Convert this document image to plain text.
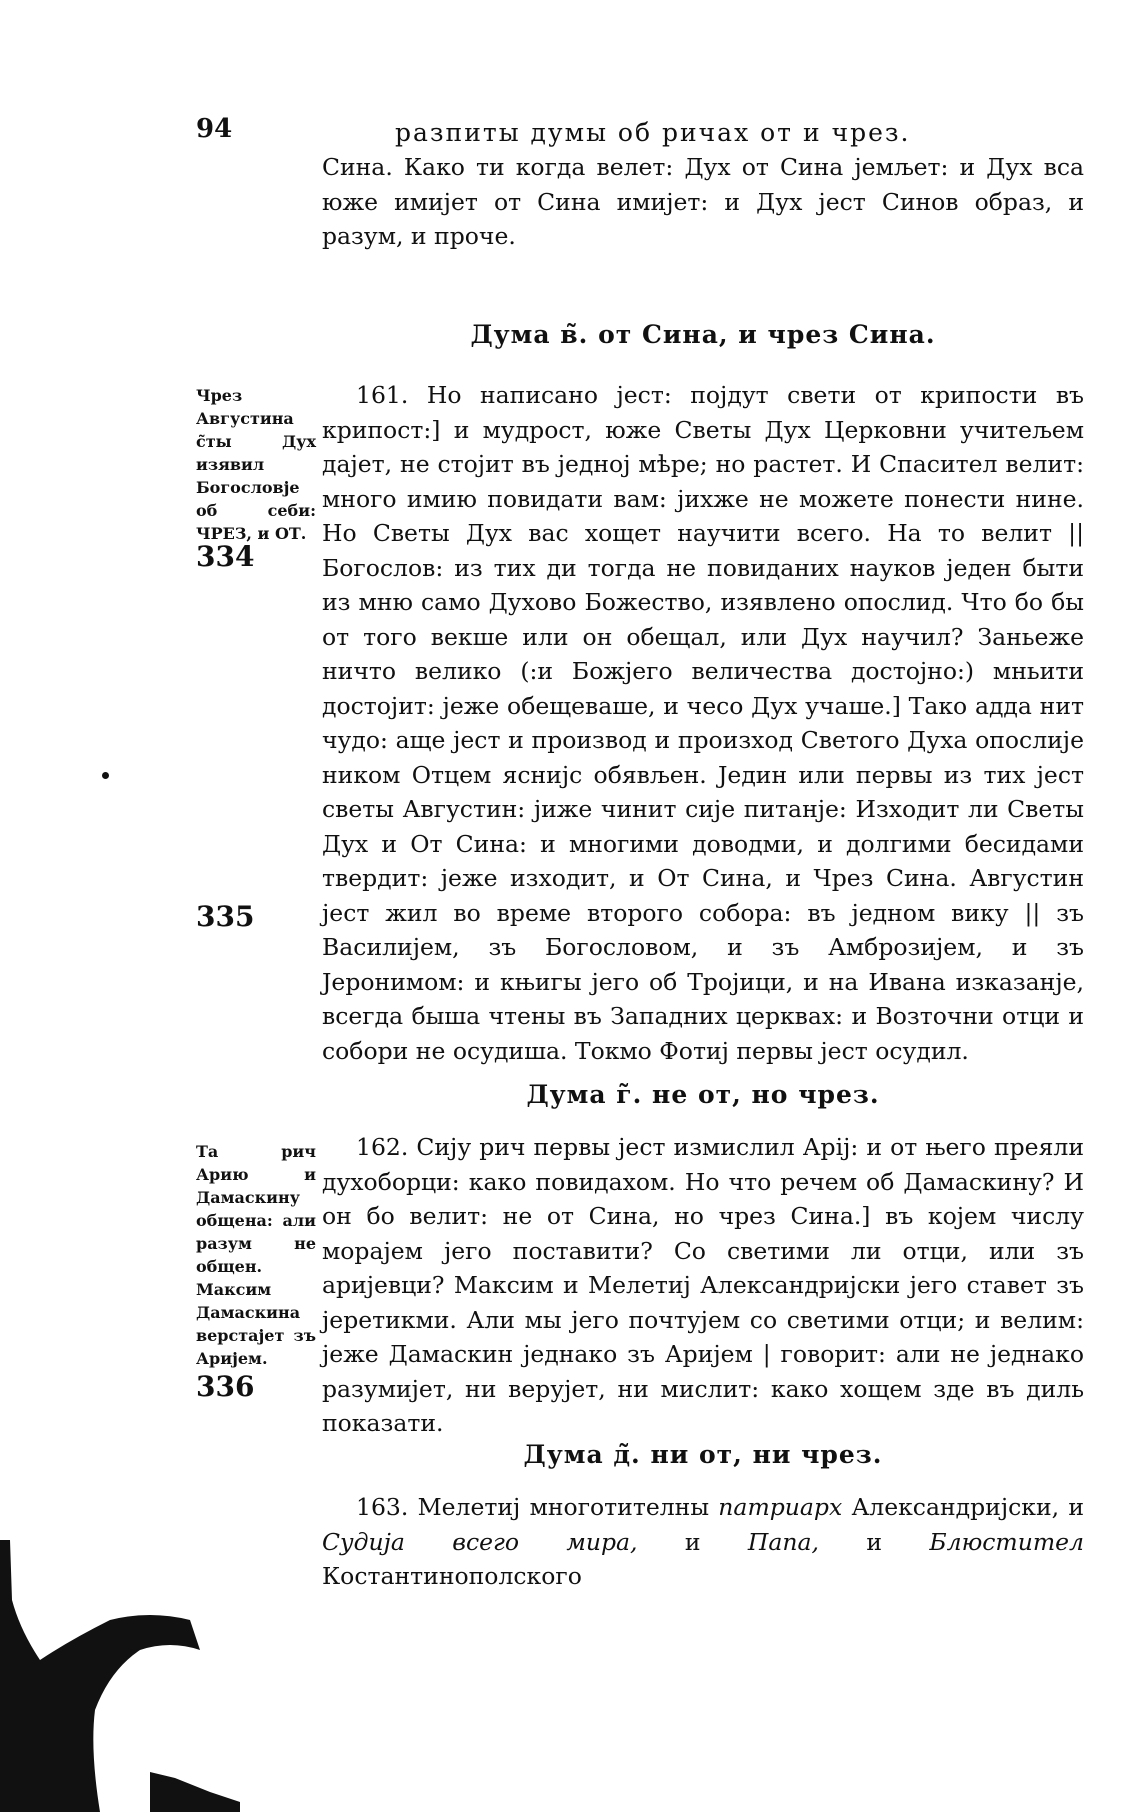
94	разпиты думы об ричах от и чрез.

Сина. Како ти когда велет: Дух от Сина јемљет: и Дух вса юже имијет от Сина имијет: и Дух јест Синов образ, и разум, и проче.

Дума в̃. от Сина, и чрез Сина.
Чрез Августина с̃ты Дух изявил Богословје об себи: ЧРЕЗ, и ОТ.
334

161. Но написано јест: појдут свети от крипости въ крипост:] и мудрост, юже Светы Дух Церковни учитељем дајет, не стојит въ једној мѣре; но растет. И Спасител велит: много имию повидати вам: јихже не можете понести нине. Но Светы Дух вас хощет научити всего. На то велит || Богослов: из тих ди тогда не повиданих науков једен быти из мню само Духово Божество, изявлено опослид. Что бо бы от того векше или он обещал, или Дух научил? Заньеже ничто велико (:и Божјего величества достојно:) мньити достојит: јеже обещеваше, и чесо Дух учаше.] Тако адда нит чудо: аще јест и производ и произход Светого Духа опослије ником Отцем яснијс обявљен. Једин или первы из тих јест светы Августин: јиже чинит сије питанје: Изходит ли Светы Дух и От Сина: и многими доводми, и долгими бесидами твердит: јеже изходит, и От Сина, и Чрез Сина. Августин јест жил во време второго собора: въ једном вику || зъ Василијем, зъ Богословом, и зъ Амброзијем, и зъ Јеронимом: и књигы јего об Тројици, и на Ивана изказанје, всегда быша чтены въ Западних церквах: и Возточни отци и собори не осудиша. Токмо Фотиј первы јест осудил.

335
Дума г̃. не от, но чрез.
Та рич Арию и Дамаскину общена: али разум не общен. Максим Дамаскина верстајет зъ Аријем.
336

162. Сију рич первы јест измислил Арij: и от њего преяли духоборци: како повидахом. Но что речем об Дамаскину? И он бо велит: не от Сина, но чрез Сина.] въ којем числу мораjем јего поставити? Со светими ли отци, или зъ аријевци? Максим и Мелетиј Александријски јего ставет зъ јеретикми. Али мы јего почтујем со светими отци; и велим: јеже Дамаскин једнако зъ Аријем | говорит: али не једнако разумијет, ни верујет, ни мислит: како хощем зде въ диль показати.

Дума д̃. ни от, ни чрез.

163. Мелетиј многотителны патриарх Александријски, и Судија всего мира, и Папа, и Блюстител Костантинополского
